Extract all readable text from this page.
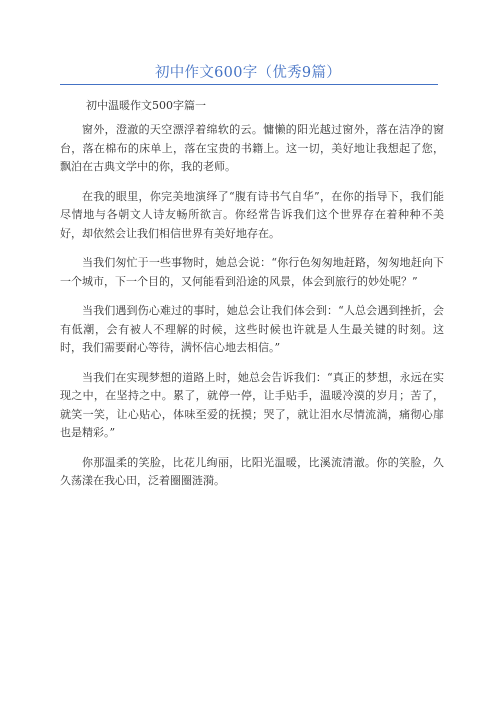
初中作文600字（优秀9篇）
初中温暖作文500字篇一

窗外，澄澈的天空漂浮着绵软的云。慵懒的阳光越过窗外，落在洁净的窗台，落在棉布的床单上，落在宝贵的书籍上。这一切，美好地让我想起了您，飘泊在古典文学中的你，我的老师。

在我的眼里，你完美地演绎了“腹有诗书气自华”，在你的指导下，我们能尽情地与各朝文人诗友畅所欲言。你经常告诉我们这个世界存在着种种不美好，却依然会让我们相信世界有美好地存在。

当我们匆忙于一些事物时，她总会说：“你行色匆匆地赶路，匆匆地赶向下一个城市，下一个目的，又何能看到沿途的风景，体会到旅行的妙处呢？”

当我们遇到伤心难过的事时，她总会让我们体会到：“人总会遇到挫折，会有低潮，会有被人不理解的时候，这些时候也许就是人生最关键的时刻。这时，我们需要耐心等待，满怀信心地去相信。”

当我们在实现梦想的道路上时，她总会告诉我们：“真正的梦想，永远在实现之中，在坚持之中。累了，就停一停，让手贴手，温暖冷漠的岁月；苦了，就笑一笑，让心贴心，体味至爱的抚摸；哭了，就让泪水尽情流淌，痛彻心扉也是精彩。”

你那温柔的笑脸，比花儿绚丽，比阳光温暖，比溪流清澈。你的笑脸，久久荡漾在我心田，泛着圈圈涟漪。
